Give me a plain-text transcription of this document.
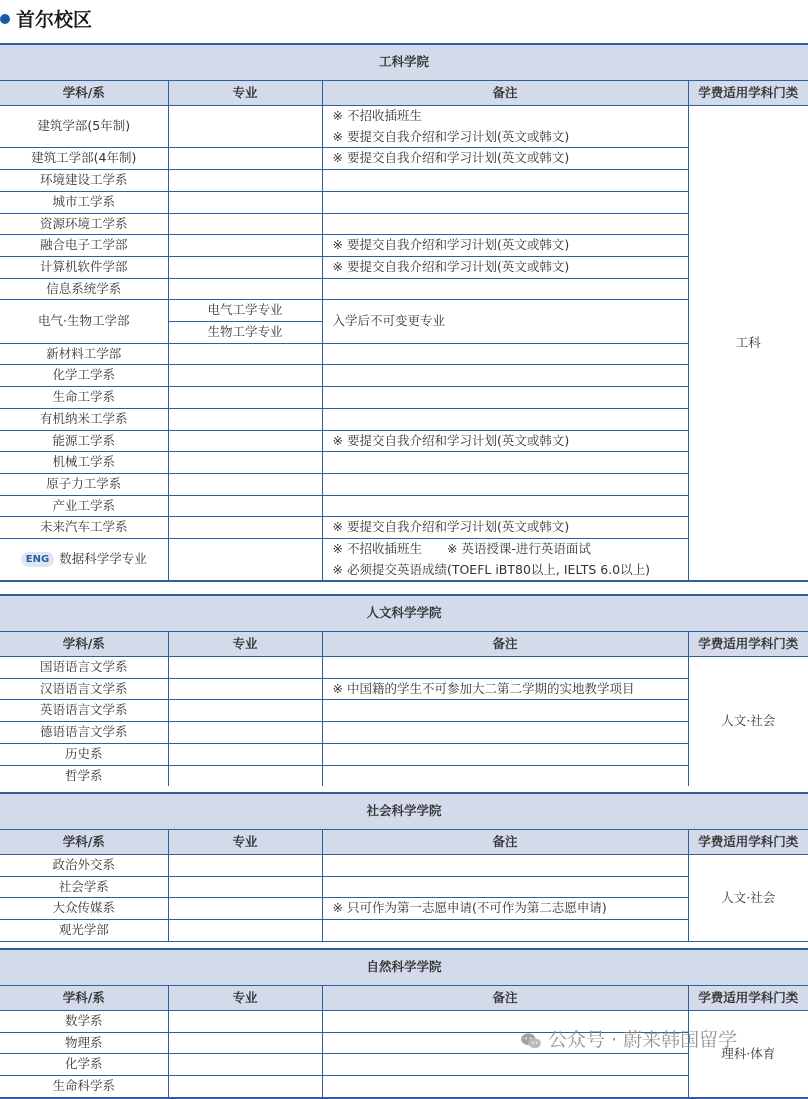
首尔校区
工科学院			
学科/系	专业	备注	学费适用学科门类
建筑学部(5年制)		※ 不招收插班生
※ 要提交自我介绍和学习计划(英文或韩文)	工科
建筑工学部(4年制)		※ 要提交自我介绍和学习计划(英文或韩文)	

环境建设工学系			
城市工学系			
资源环境工学系			
融合电子工学部		※ 要提交自我介绍和学习计划(英文或韩文)	

计算机软件学部		※ 要提交自我介绍和学习计划(英文或韩文)	

信息系统学系			
电气·生物工学部	电气工学专业	入学后不可变更专业	

	生物工学专业		
新材料工学部			
化学工学系			
生命工学系			
有机纳米工学系			
能源工学系		※ 要提交自我介绍和学习计划(英文或韩文)	

机械工学系			
原子力工学系			
产业工学系			
未来汽车工学系		※ 要提交自我介绍和学习计划(英文或韩文)	

ENG 数据科学学专业		※ 不招收插班生　　※ 英语授课-进行英语面试
※ 必须提交英语成绩(TOEFL iBT80以上, IELTS 6.0以上)	
人文科学学院			
学科/系	专业	备注	学费适用学科门类
国语语言文学系			人文·社会
汉语语言文学系		※ 中国籍的学生不可参加大二第二学期的实地教学项目	

英语语言文学系			
德语语言文学系			
历史系			
哲学系			
社会科学学院			
学科/系	专业	备注	学费适用学科门类
政治外交系			人文·社会
社会学系			
大众传媒系		※ 只可作为第一志愿申请(不可作为第二志愿申请)	

观光学部			
自然科学学院			
学科/系	专业	备注	学费适用学科门类
数学系			理科·体育
物理系			
化学系			
生命科学系			
公众号 · 蔚来韩国留学
